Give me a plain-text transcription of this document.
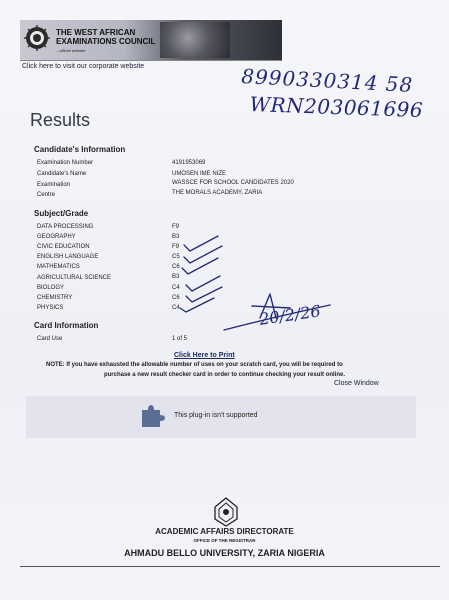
THE WEST AFRICAN EXAMINATIONS COUNCIL
...official website
Click here to visit our corporate website	8990330314 58
WRN203061696
Results
Candidate's Information
Examination Number	4191953069
Candidate's Name	UMOSEN IME NIZE
Examination	WASSCE FOR SCHOOL CANDIDATES 2020
Centre	THE MORALS ACADEMY, ZARIA
Subject/Grade
DATA PROCESSING	F9
GEOGRAPHY	B3
CIVIC EDUCATION	F9
ENGLISH LANGUAGE	C5
MATHEMATICS	C6
AGRICULTURAL SCIENCE	B3
BIOLOGY	C4
CHEMISTRY	C6
PHYSICS	C4
Card Information
Card Use	1 of 5
20/2/26
Click Here to Print
NOTE: If you have exhausted the allowable number of uses on your scratch card, you will be required to
purchase a new result checker card in order to continue checking your result online.
Close Window
This plug-in isn't supported
ACADEMIC AFFAIRS DIRECTORATE
OFFICE OF THE REGISTRAR
AHMADU BELLO UNIVERSITY, ZARIA NIGERIA
